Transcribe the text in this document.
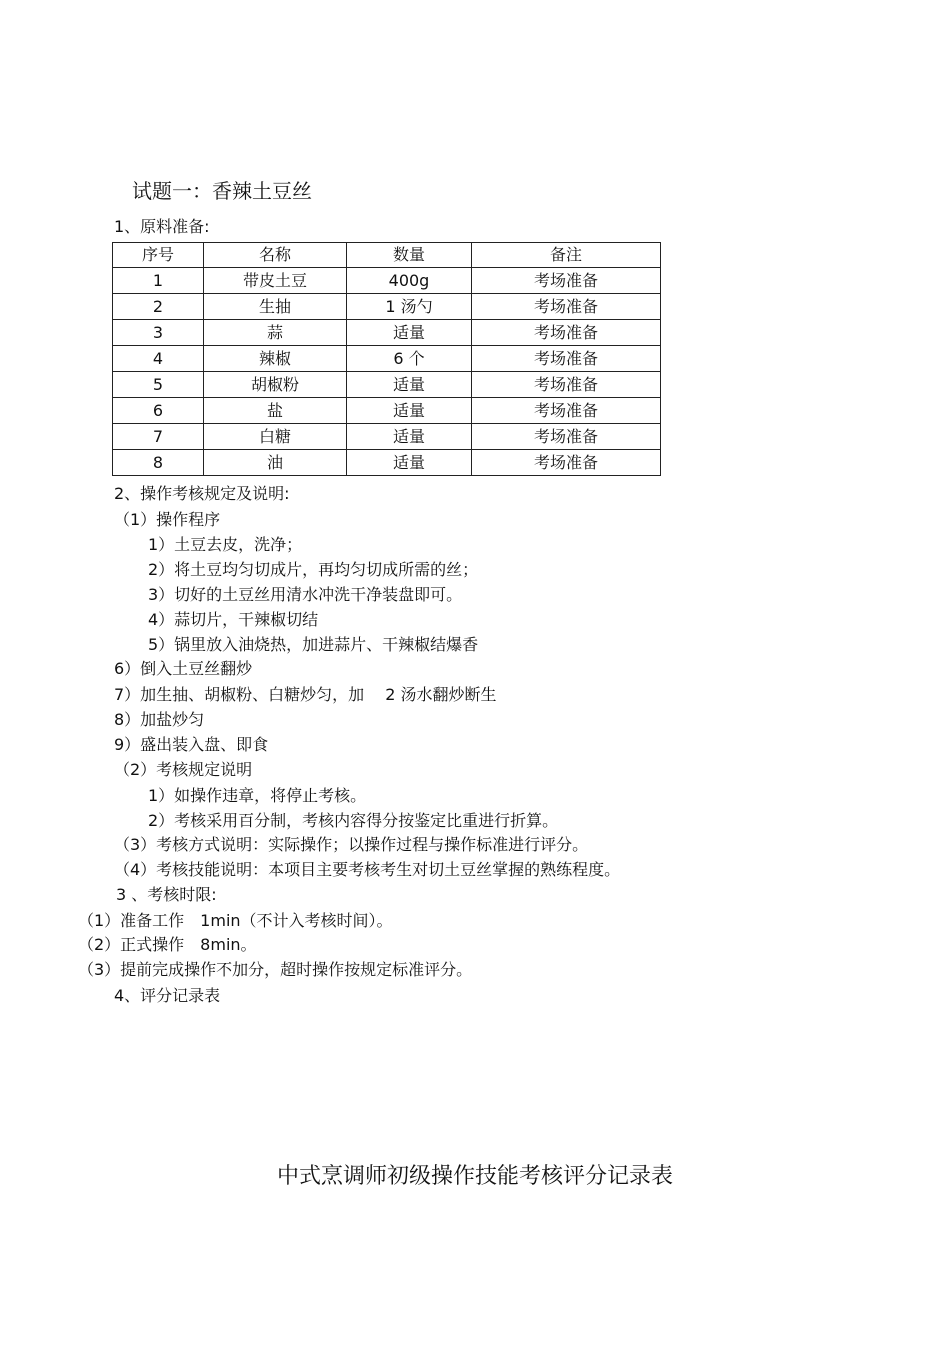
试题一：香辣土豆丝
1、原料准备:
序号	名称	数量	备注
1	带皮土豆	400g	考场准备
2	生抽	1 汤勺	考场准备
3	蒜	适量	考场准备
4	辣椒	6 个	考场准备
5	胡椒粉	适量	考场准备
6	盐	适量	考场准备
7	白糖	适量	考场准备
8	油	适量	考场准备
2、操作考核规定及说明:
（1）操作程序
1）土豆去皮，洗净；
2）将土豆均匀切成片，再均匀切成所需的丝；
3）切好的土豆丝用清水冲洗干净装盘即可。
4）蒜切片，干辣椒切结
5）锅里放入油烧热，加进蒜片、干辣椒结爆香
6）倒入土豆丝翻炒
7）加生抽、胡椒粉、白糖炒匀，加　 2 汤水翻炒断生
8）加盐炒匀
9）盛出装入盘、即食
（2）考核规定说明
1）如操作违章，将停止考核。
2）考核采用百分制，考核内容得分按鉴定比重进行折算。
（3）考核方式说明：实际操作；以操作过程与操作标准进行评分。
（4）考核技能说明：本项目主要考核考生对切土豆丝掌握的熟练程度。
3 、考核时限:
（1）准备工作　1min（不计入考核时间）。
（2）正式操作　8min。
（3）提前完成操作不加分，超时操作按规定标准评分。
4、评分记录表
中式烹调师初级操作技能考核评分记录表
